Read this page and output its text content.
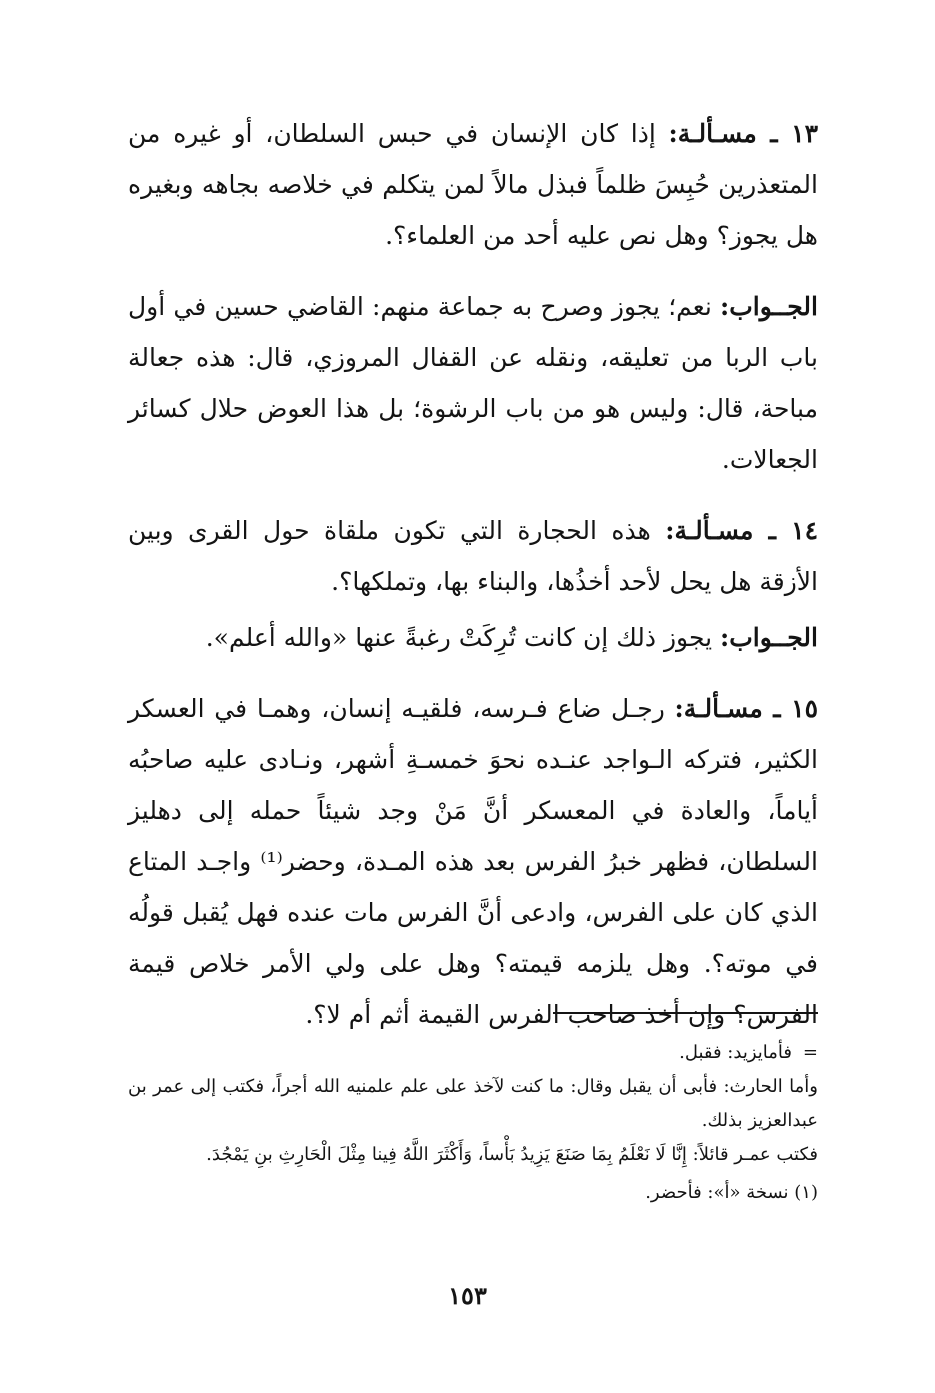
١٣ ـ مسـألـة: إذا كان الإنسان في حبس السلطان، أو غيره من المتعذرين حُبِسَ ظلماً فبذل مالاً لمن يتكلم في خلاصه بجاهه وبغيره هل يجوز؟ وهل نص عليه أحد من العلماء؟.

الجــواب: نعم؛ يجوز وصرح به جماعة منهم: القاضي حسين في أول باب الربا من تعليقه، ونقله عن القفال المروزي، قال: هذه جعالة مباحة، قال: وليس هو من باب الرشوة؛ بل هذا العوض حلال كسائر الجعالات.

١٤ ـ مسـألـة: هذه الحجارة التي تكون ملقاة حول القرى وبين الأزقة هل يحل لأحد أخذُها، والبناء بها، وتملكها؟.

الجــواب: يجوز ذلك إن كانت تُرِكَتْ رغبةً عنها «والله أعلم».

١٥ ـ مسـألـة: رجـل ضاع فـرسه، فلقيـه إنسان، وهمـا في العسكر الكثير، فتركه الـواجد عنـده نحوَ خمسـةِ أشهر، ونـادى عليه صاحبُه أياماً، والعادة في المعسكر أنَّ مَنْ وجد شيئاً حمله إلى دهليز السلطان، فظهر خبرُ الفرس بعد هذه المـدة، وحضر⁽¹⁾ واجـد المتاع الذي كان على الفرس، وادعى أنَّ الفرس مات عنده فهل يُقبل قولُه في موته؟. وهل يلزمه قيمته؟ وهل على ولي الأمر خلاص قيمة الفرس؟ وإن أخذ صاحب الفرس القيمة أثم أم لا؟.

=

فأمايزيد: فقبل.

وأما الحارث: فأبى أن يقبل وقال: ما كنت لآخذ على علم علمنيه الله أجراً، فكتب إلى عمر بن عبدالعزيز بذلك.

فكتب عمـر قائلاً: إِنَّا لَا نَعْلَمُ بِمَا صَنَعَ يَزِيدُ بَأْساً، وَأَكْثَرَ اللَّهُ فِينا مِثْلَ الْحَارِثِ بنِ يَمْجُدَ.

(١) نسخة «أ»: فأحضر.

١٥٣
